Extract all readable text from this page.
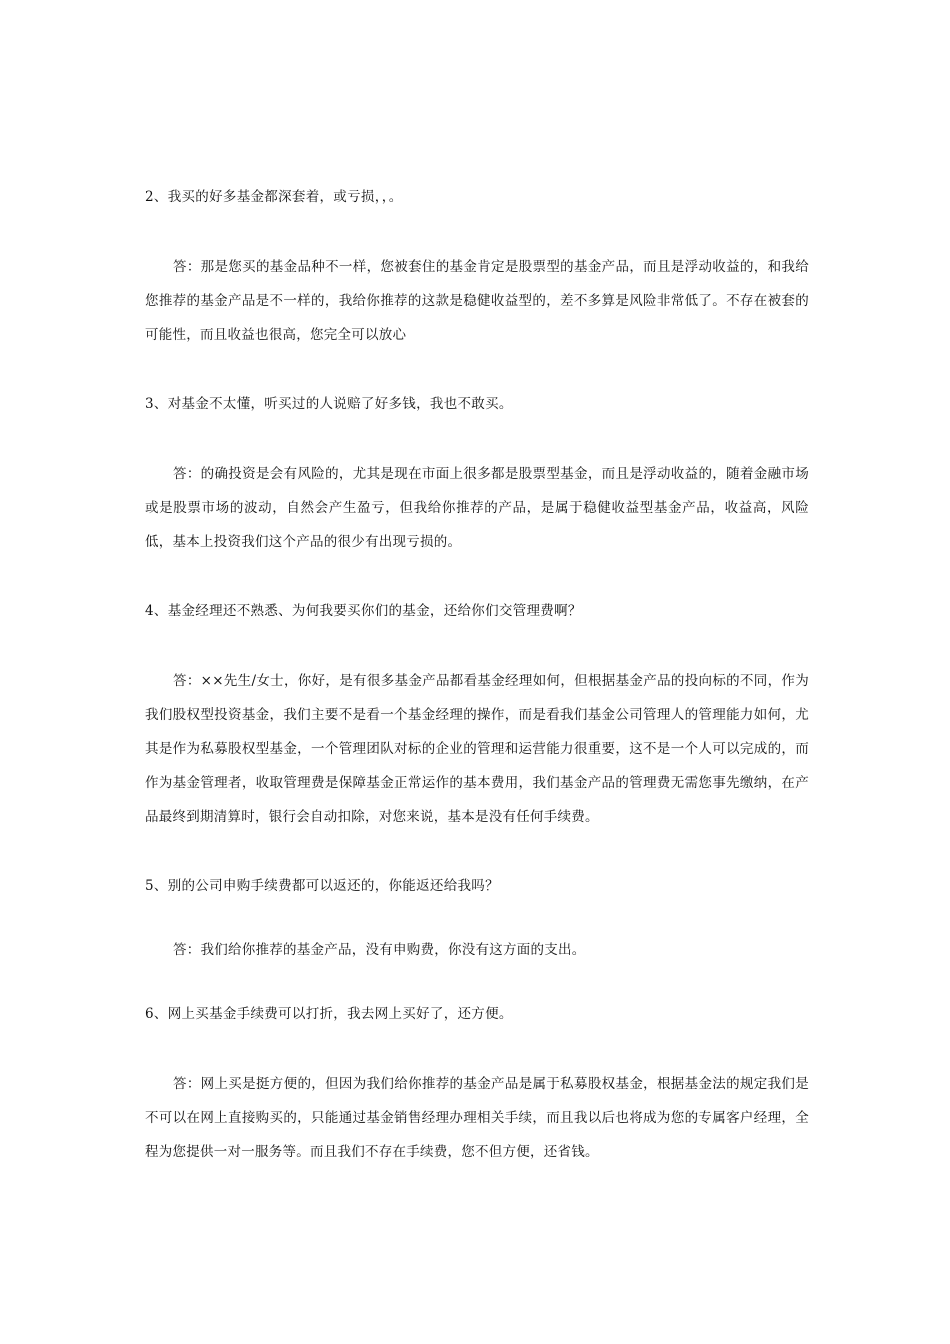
2、我买的好多基金都深套着，或亏损，，。

答：那是您买的基金品种不一样，您被套住的基金肯定是股票型的基金产品，而且是浮动收益的，和我给您推荐的基金产品是不一样的，我给你推荐的这款是稳健收益型的，差不多算是风险非常低了。不存在被套的可能性，而且收益也很高，您完全可以放心

3、对基金不太懂，听买过的人说赔了好多钱，我也不敢买。

答：的确投资是会有风险的，尤其是现在市面上很多都是股票型基金，而且是浮动收益的，随着金融市场或是股票市场的波动，自然会产生盈亏，但我给你推荐的产品，是属于稳健收益型基金产品，收益高，风险低，基本上投资我们这个产品的很少有出现亏损的。

4、基金经理还不熟悉、为何我要买你们的基金，还给你们交管理费啊？

答：××先生/女士，你好，是有很多基金产品都看基金经理如何，但根据基金产品的投向标的不同，作为我们股权型投资基金，我们主要不是看一个基金经理的操作，而是看我们基金公司管理人的管理能力如何，尤其是作为私募股权型基金，一个管理团队对标的企业的管理和运营能力很重要，这不是一个人可以完成的，而作为基金管理者，收取管理费是保障基金正常运作的基本费用，我们基金产品的管理费无需您事先缴纳，在产品最终到期清算时，银行会自动扣除，对您来说，基本是没有任何手续费。

5、别的公司申购手续费都可以返还的，你能返还给我吗？

答：我们给你推荐的基金产品，没有申购费，你没有这方面的支出。

6、网上买基金手续费可以打折，我去网上买好了，还方便。

答：网上买是挺方便的，但因为我们给你推荐的基金产品是属于私募股权基金，根据基金法的规定我们是不可以在网上直接购买的，只能通过基金销售经理办理相关手续，而且我以后也将成为您的专属客户经理，全程为您提供一对一服务等。而且我们不存在手续费，您不但方便，还省钱。
